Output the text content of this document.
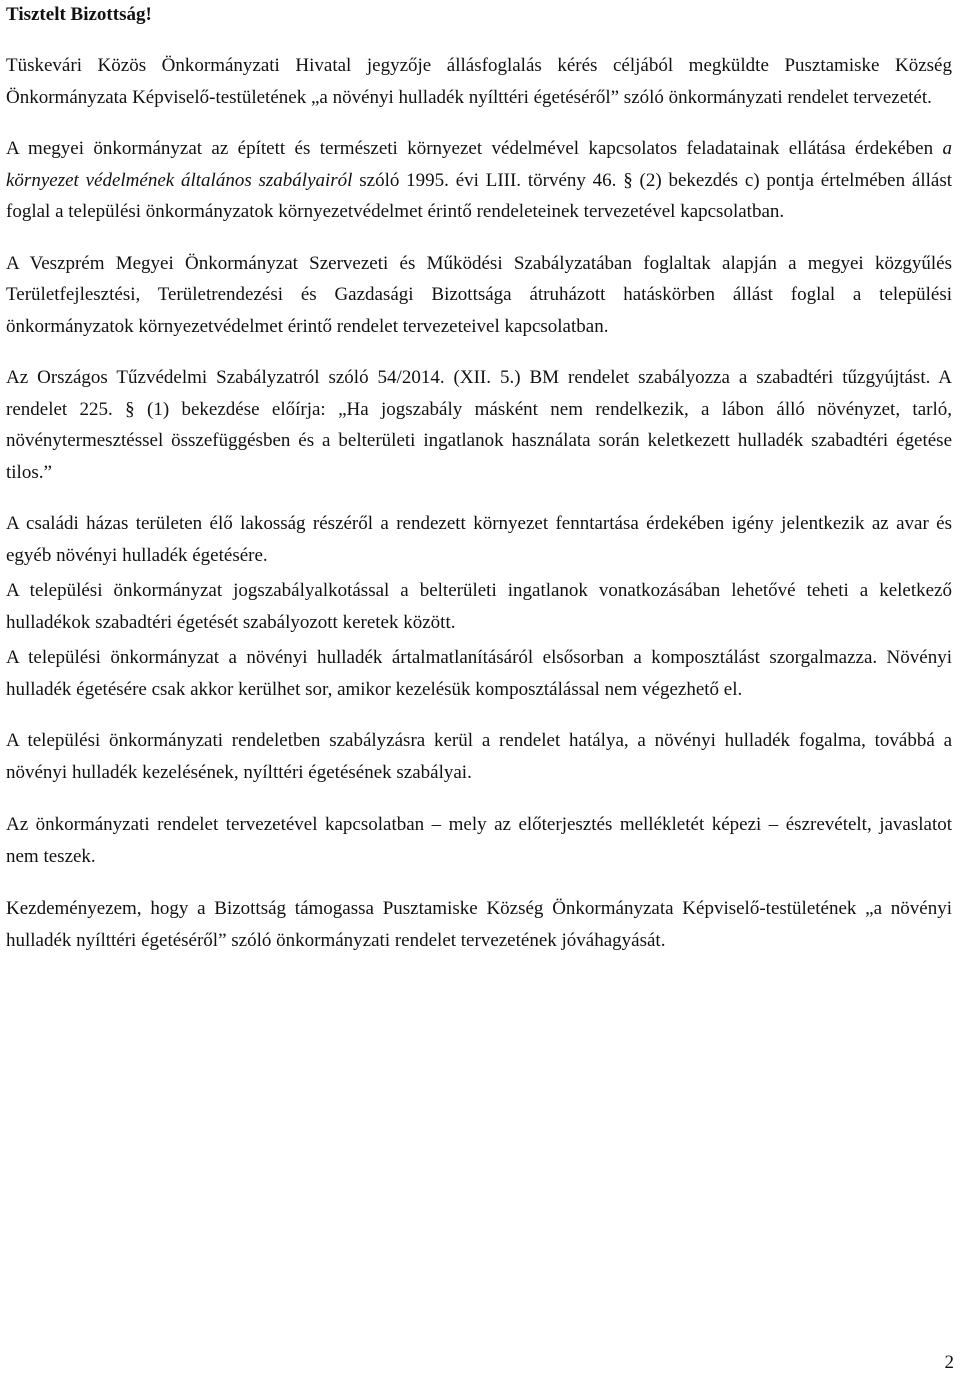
Tisztelt Bizottság!

Tüskevári Közös Önkormányzati Hivatal jegyzője állásfoglalás kérés céljából megküldte Pusztamiske Község Önkormányzata Képviselő-testületének „a növényi hulladék nyílttéri égetéséről” szóló önkormányzati rendelet tervezetét.

A megyei önkormányzat az épített és természeti környezet védelmével kapcsolatos feladatainak ellátása érdekében a környezet védelmének általános szabályairól szóló 1995. évi LIII. törvény 46. § (2) bekezdés c) pontja értelmében állást foglal a települési önkormányzatok környezetvédelmet érintő rendeleteinek tervezetével kapcsolatban.

A Veszprém Megyei Önkormányzat Szervezeti és Működési Szabályzatában foglaltak alapján a megyei közgyűlés Területfejlesztési, Területrendezési és Gazdasági Bizottsága átruházott hatáskörben állást foglal a települési önkormányzatok környezetvédelmet érintő rendelet tervezeteivel kapcsolatban.

Az Országos Tűzvédelmi Szabályzatról szóló 54/2014. (XII. 5.) BM rendelet szabályozza a szabadtéri tűzgyújtást. A rendelet 225. § (1) bekezdése előírja: „Ha jogszabály másként nem rendelkezik, a lábon álló növényzet, tarló, növénytermesztéssel összefüggésben és a belterületi ingatlanok használata során keletkezett hulladék szabadtéri égetése tilos.”

A családi házas területen élő lakosság részéről a rendezett környezet fenntartása érdekében igény jelentkezik az avar és egyéb növényi hulladék égetésére.

A települési önkormányzat jogszabályalkotással a belterületi ingatlanok vonatkozásában lehetővé teheti a keletkező hulladékok szabadtéri égetését szabályozott keretek között.

A települési önkormányzat a növényi hulladék ártalmatlanításáról elsősorban a komposztálást szorgalmazza. Növényi hulladék égetésére csak akkor kerülhet sor, amikor kezelésük komposztálással nem végezhető el.

A települési önkormányzati rendeletben szabályzásra kerül a rendelet hatálya, a növényi hulladék fogalma, továbbá a növényi hulladék kezelésének, nyílttéri égetésének szabályai.

Az önkormányzati rendelet tervezetével kapcsolatban – mely az előterjesztés mellékletét képezi – észrevételt, javaslatot nem teszek.

Kezdeményezem, hogy a Bizottság támogassa Pusztamiske Község Önkormányzata Képviselő-testületének „a növényi hulladék nyílttéri égetéséről” szóló önkormányzati rendelet tervezetének jóváhagyását.

2
